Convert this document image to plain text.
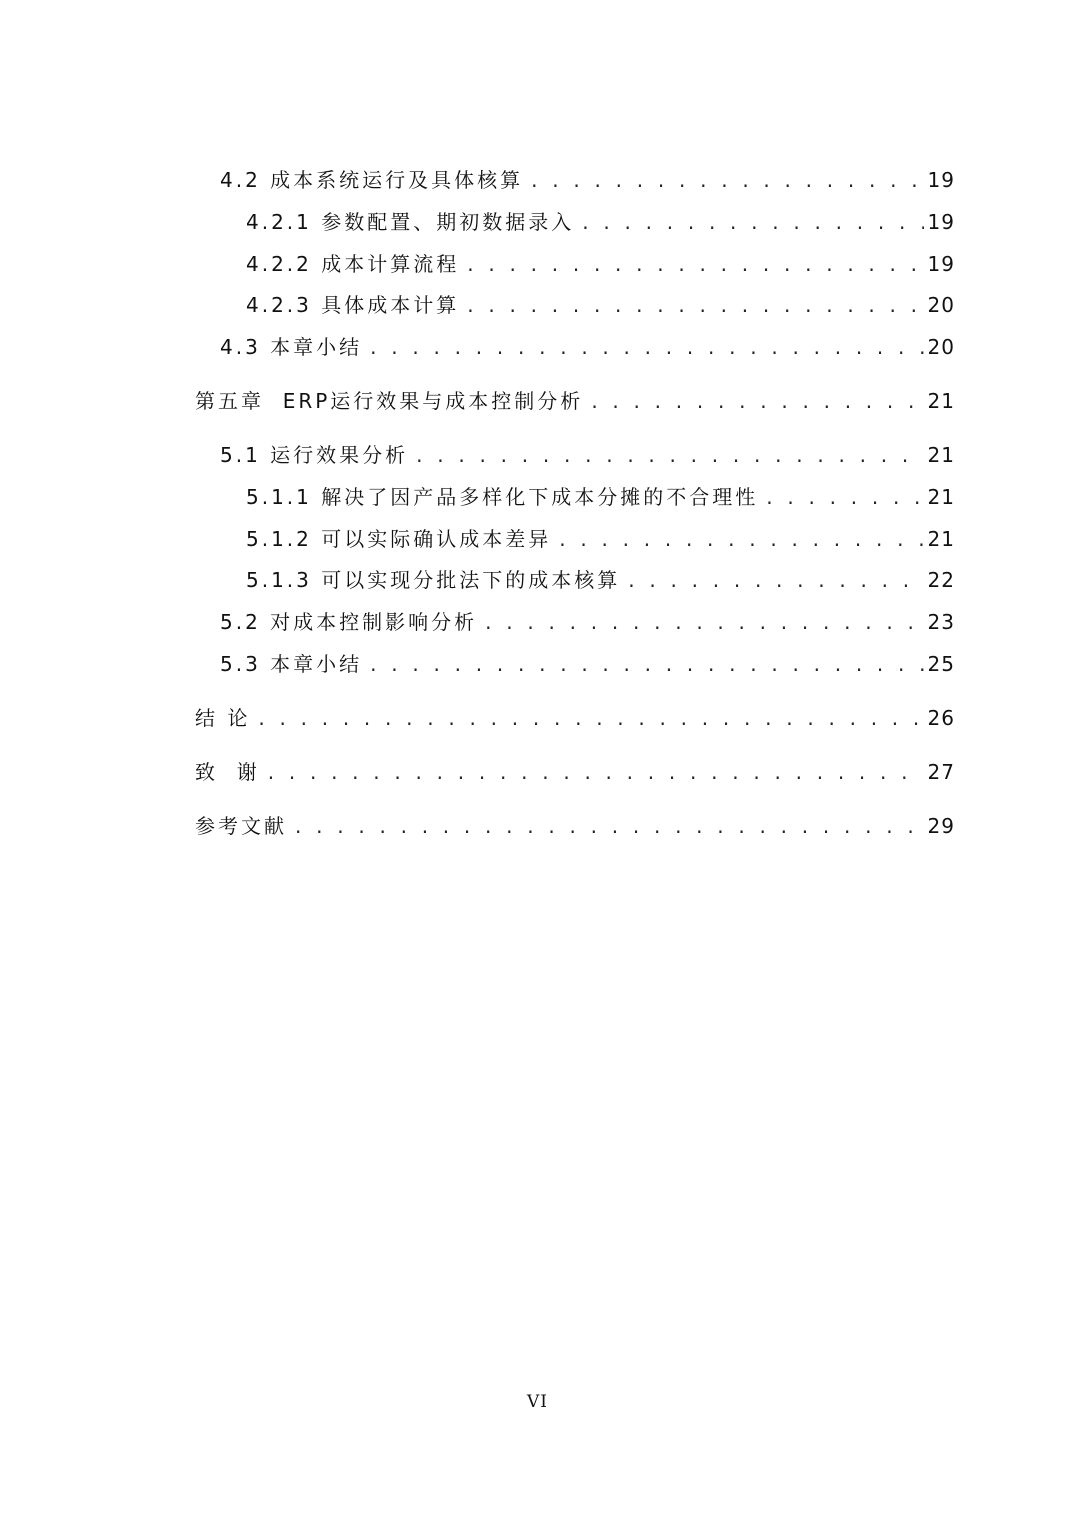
4.2 成本系统运行及具体核算 . . .	19
4.2.1 参数配置、期初数据录入 . . .	19
4.2.2 成本计算流程 . . .	19
4.2.3 具体成本计算 . . .	20
4.3 本章小结 . . .	20
第五章  ERP运行效果与成本控制分析 . . .	21
5.1 运行效果分析 . . .	21
5.1.1 解决了因产品多样化下成本分摊的不合理性 . . .	21
5.1.2 可以实际确认成本差异 . . .	21
5.1.3 可以实现分批法下的成本核算 . . .	22
5.2 对成本控制影响分析 . . .	23
5.3 本章小结 . . .	25
结 论 . . .	26
致  谢 . . .	27
参考文献 . . .	29
VI
